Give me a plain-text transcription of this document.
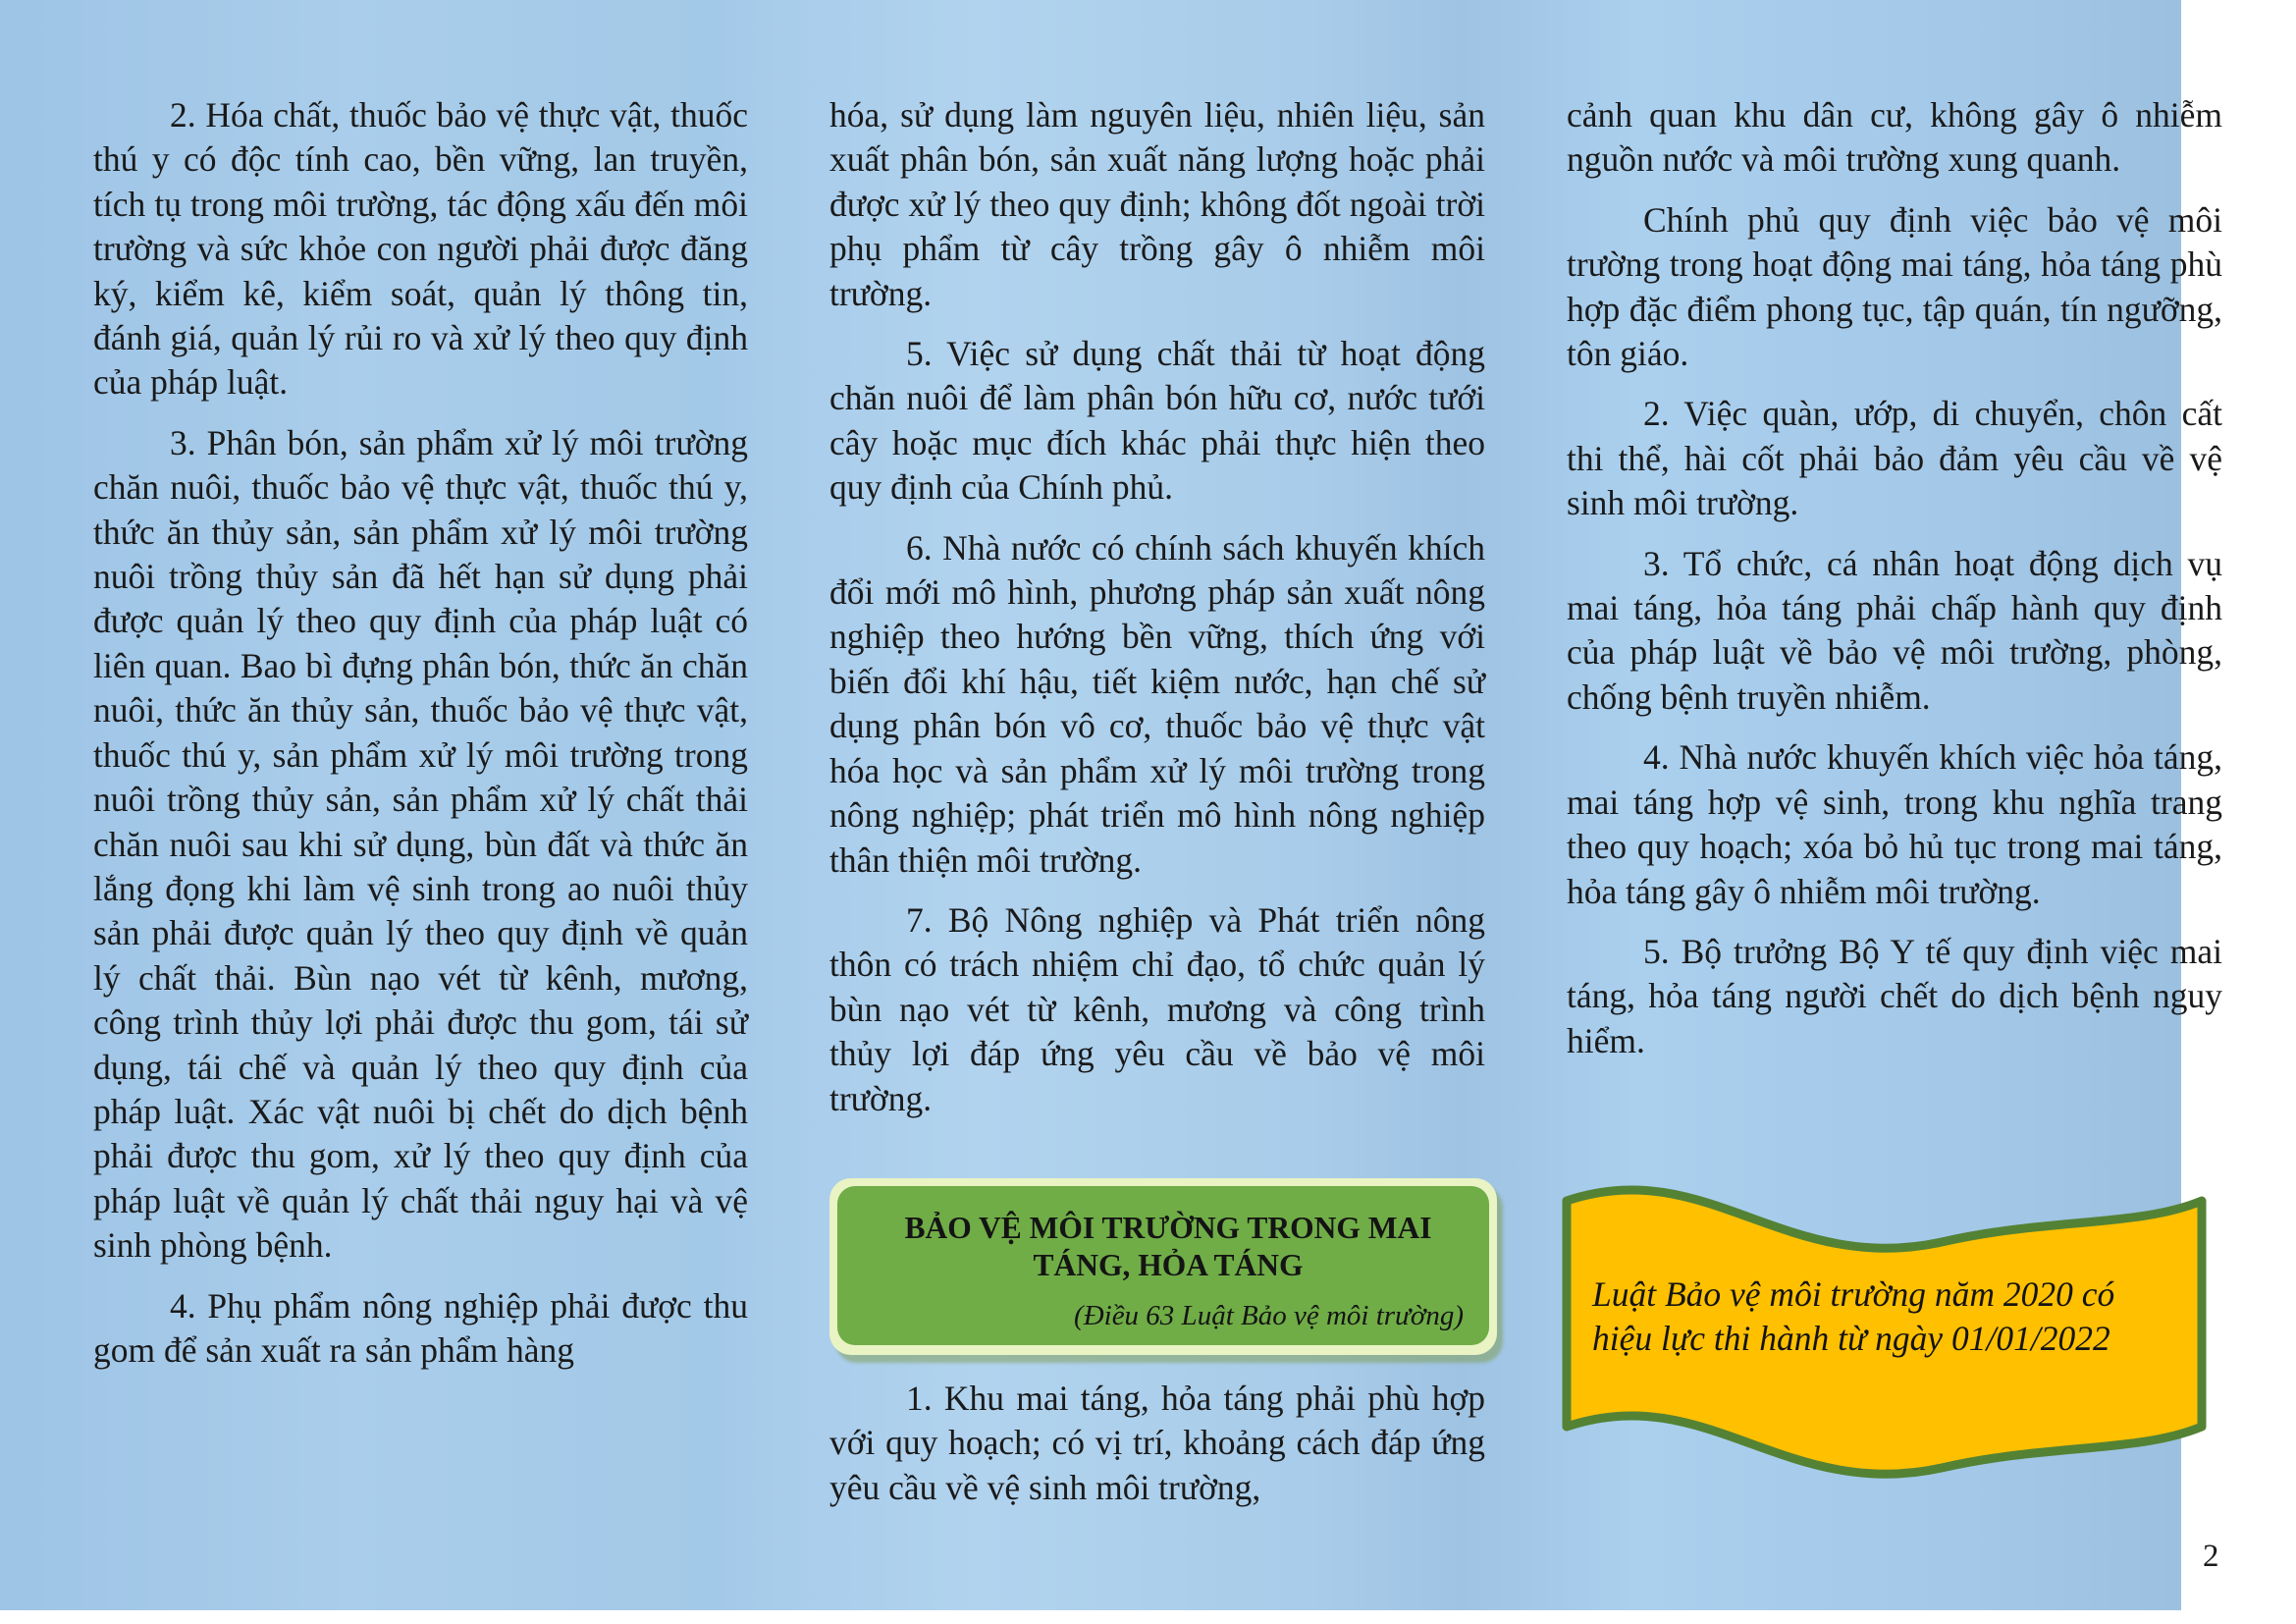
2. Hóa chất, thuốc bảo vệ thực vật, thuốc thú y có độc tính cao, bền vững, lan truyền, tích tụ trong môi trường, tác động xấu đến môi trường và sức khỏe con người phải được đăng ký, kiểm kê, kiểm soát, quản lý thông tin, đánh giá, quản lý rủi ro và xử lý theo quy định của pháp luật.

3. Phân bón, sản phẩm xử lý môi trường chăn nuôi, thuốc bảo vệ thực vật, thuốc thú y, thức ăn thủy sản, sản phẩm xử lý môi trường nuôi trồng thủy sản đã hết hạn sử dụng phải được quản lý theo quy định của pháp luật có liên quan. Bao bì đựng phân bón, thức ăn chăn nuôi, thức ăn thủy sản, thuốc bảo vệ thực vật, thuốc thú y, sản phẩm xử lý môi trường trong nuôi trồng thủy sản, sản phẩm xử lý chất thải chăn nuôi sau khi sử dụng, bùn đất và thức ăn lắng đọng khi làm vệ sinh trong ao nuôi thủy sản phải được quản lý theo quy định về quản lý chất thải. Bùn nạo vét từ kênh, mương, công trình thủy lợi phải được thu gom, tái sử dụng, tái chế và quản lý theo quy định của pháp luật. Xác vật nuôi bị chết do dịch bệnh phải được thu gom, xử lý theo quy định của pháp luật về quản lý chất thải nguy hại và vệ sinh phòng bệnh.

4. Phụ phẩm nông nghiệp phải được thu gom để sản xuất ra sản phẩm hàng

hóa, sử dụng làm nguyên liệu, nhiên liệu, sản xuất phân bón, sản xuất năng lượng hoặc phải được xử lý theo quy định; không đốt ngoài trời phụ phẩm từ cây trồng gây ô nhiễm môi trường.

5. Việc sử dụng chất thải từ hoạt động chăn nuôi để làm phân bón hữu cơ, nước tưới cây hoặc mục đích khác phải thực hiện theo quy định của Chính phủ.

6. Nhà nước có chính sách khuyến khích đổi mới mô hình, phương pháp sản xuất nông nghiệp theo hướng bền vững, thích ứng với biến đổi khí hậu, tiết kiệm nước, hạn chế sử dụng phân bón vô cơ, thuốc bảo vệ thực vật hóa học và sản phẩm xử lý môi trường trong nông nghiệp; phát triển mô hình nông nghiệp thân thiện môi trường.

7. Bộ Nông nghiệp và Phát triển nông thôn có trách nhiệm chỉ đạo, tổ chức quản lý bùn nạo vét từ kênh, mương và công trình thủy lợi đáp ứng yêu cầu về bảo vệ môi trường.

BẢO VỆ MÔI TRƯỜNG TRONG MAI TÁNG, HỎA TÁNG
(Điều 63 Luật Bảo vệ môi trường)

1. Khu mai táng, hỏa táng phải phù hợp với quy hoạch; có vị trí, khoảng cách đáp ứng yêu cầu về vệ sinh môi trường,

cảnh quan khu dân cư, không gây ô nhiễm nguồn nước và môi trường xung quanh.

Chính phủ quy định việc bảo vệ môi trường trong hoạt động mai táng, hỏa táng phù hợp đặc điểm phong tục, tập quán, tín ngưỡng, tôn giáo.

2. Việc quàn, ướp, di chuyển, chôn cất thi thể, hài cốt phải bảo đảm yêu cầu về vệ sinh môi trường.

3. Tổ chức, cá nhân hoạt động dịch vụ mai táng, hỏa táng phải chấp hành quy định của pháp luật về bảo vệ môi trường, phòng, chống bệnh truyền nhiễm.

4. Nhà nước khuyến khích việc hỏa táng, mai táng hợp vệ sinh, trong khu nghĩa trang theo quy hoạch; xóa bỏ hủ tục trong mai táng, hỏa táng gây ô nhiễm môi trường.

5. Bộ trưởng Bộ Y tế quy định việc mai táng, hỏa táng người chết do dịch bệnh nguy hiểm.

Luật Bảo vệ môi trường năm 2020 có hiệu lực thi hành từ ngày 01/01/2022
2
